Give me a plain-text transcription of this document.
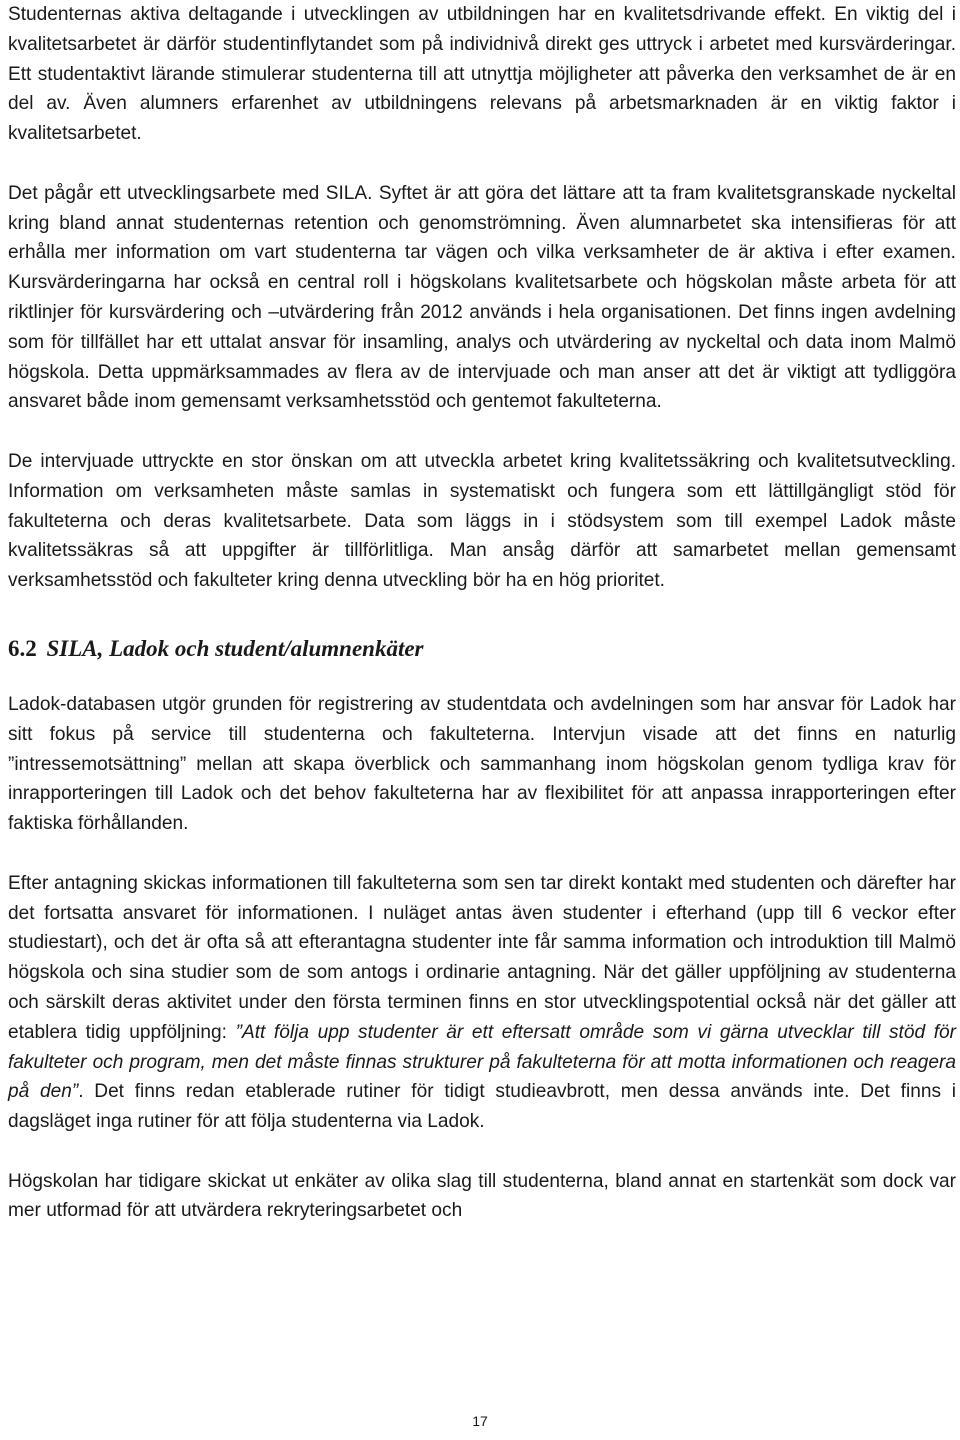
Studenternas aktiva deltagande i utvecklingen av utbildningen har en kvalitetsdrivande effekt. En viktig del i kvalitetsarbetet är därför studentinflytandet som på individnivå direkt ges uttryck i arbetet med kursvärderingar. Ett studentaktivt lärande stimulerar studenterna till att utnyttja möjligheter att påverka den verksamhet de är en del av. Även alumners erfarenhet av utbildningens relevans på arbetsmarknaden är en viktig faktor i kvalitetsarbetet.

Det pågår ett utvecklingsarbete med SILA. Syftet är att göra det lättare att ta fram kvalitetsgranskade nyckeltal kring bland annat studenternas retention och genomströmning. Även alumnarbetet ska intensifieras för att erhålla mer information om vart studenterna tar vägen och vilka verksamheter de är aktiva i efter examen. Kursvärderingarna har också en central roll i högskolans kvalitetsarbete och högskolan måste arbeta för att riktlinjer för kursvärdering och –utvärdering från 2012 används i hela organisationen. Det finns ingen avdelning som för tillfället har ett uttalat ansvar för insamling, analys och utvärdering av nyckeltal och data inom Malmö högskola. Detta uppmärksammades av flera av de intervjuade och man anser att det är viktigt att tydliggöra ansvaret både inom gemensamt verksamhetsstöd och gentemot fakulteterna.

De intervjuade uttryckte en stor önskan om att utveckla arbetet kring kvalitetssäkring och kvalitetsutveckling. Information om verksamheten måste samlas in systematiskt och fungera som ett lättillgängligt stöd för fakulteterna och deras kvalitetsarbete. Data som läggs in i stödsystem som till exempel Ladok måste kvalitetssäkras så att uppgifter är tillförlitliga. Man ansåg därför att samarbetet mellan gemensamt verksamhetsstöd och fakulteter kring denna utveckling bör ha en hög prioritet.

6.2 SILA, Ladok och student/alumnenkäter

Ladok-databasen utgör grunden för registrering av studentdata och avdelningen som har ansvar för Ladok har sitt fokus på service till studenterna och fakulteterna. Intervjun visade att det finns en naturlig ”intressemotsättning” mellan att skapa överblick och sammanhang inom högskolan genom tydliga krav för inrapporteringen till Ladok och det behov fakulteterna har av flexibilitet för att anpassa inrapporteringen efter faktiska förhållanden.

Efter antagning skickas informationen till fakulteterna som sen tar direkt kontakt med studenten och därefter har det fortsatta ansvaret för informationen. I nuläget antas även studenter i efterhand (upp till 6 veckor efter studiestart), och det är ofta så att efterantagna studenter inte får samma information och introduktion till Malmö högskola och sina studier som de som antogs i ordinarie antagning. När det gäller uppföljning av studenterna och särskilt deras aktivitet under den första terminen finns en stor utvecklingspotential också när det gäller att etablera tidig uppföljning: ”Att följa upp studenter är ett eftersatt område som vi gärna utvecklar till stöd för fakulteter och program, men det måste finnas strukturer på fakulteterna för att motta informationen och reagera på den”. Det finns redan etablerade rutiner för tidigt studieavbrott, men dessa används inte. Det finns i dagsläget inga rutiner för att följa studenterna via Ladok.

Högskolan har tidigare skickat ut enkäter av olika slag till studenterna, bland annat en startenkät som dock var mer utformad för att utvärdera rekryteringsarbetet och

17
